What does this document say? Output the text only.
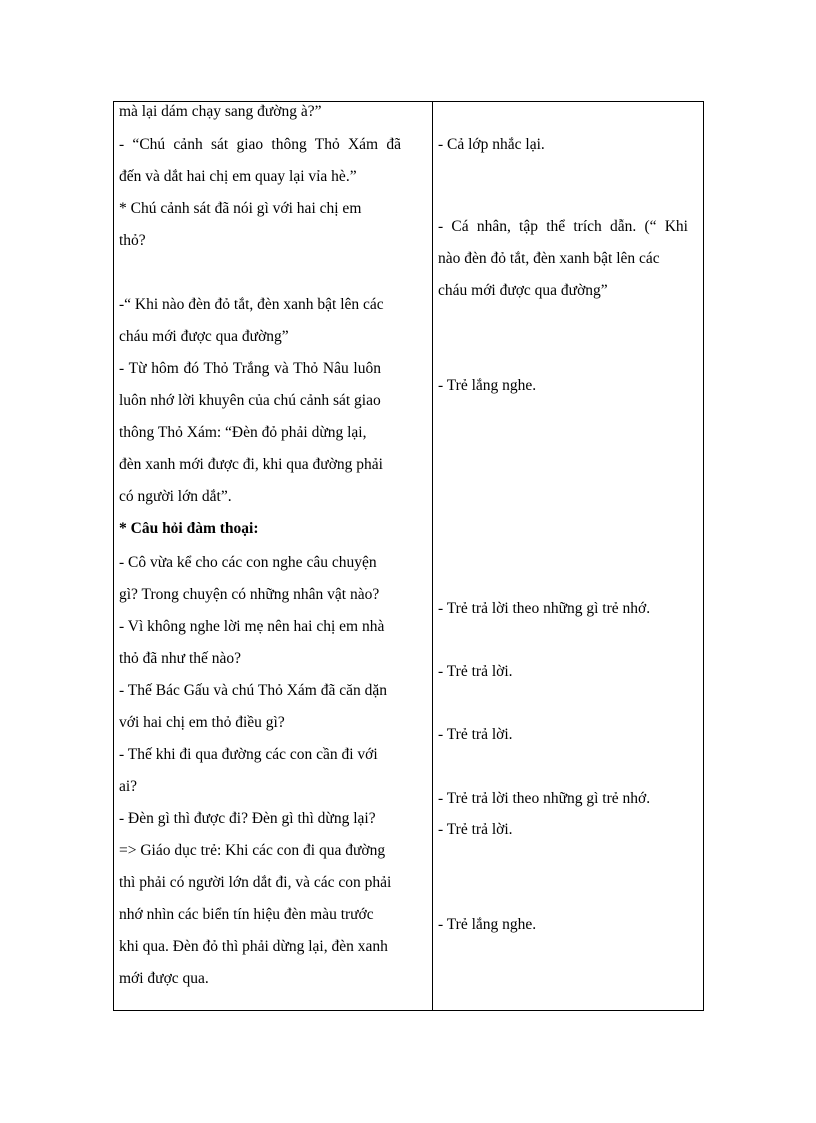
mà lại dám chạy sang đường à?”
- “Chú cảnh sát giao thông Thỏ Xám đã
đến và dắt hai chị em quay lại vỉa hè.”
* Chú cảnh sát đã nói gì với hai chị em
thỏ?
-“ Khi nào đèn đỏ tắt, đèn xanh bật lên các
cháu mới được qua đường”
- Từ hôm đó Thỏ Trắng và Thỏ Nâu luôn
luôn nhớ lời khuyên của chú cảnh sát giao
thông Thỏ Xám: “Đèn đỏ phải dừng lại,
đèn xanh mới được đi, khi qua đường phải
có người lớn dắt”.
* Câu hỏi đàm thoại:
- Cô vừa kể cho các con nghe câu chuyện
gì? Trong chuyện có những nhân vật nào?
- Vì không nghe lời mẹ nên hai chị em nhà
thỏ đã như thế nào?
- Thế Bác Gấu và chú Thỏ Xám đã căn dặn
với hai chị em thỏ điều gì?
- Thế khi đi qua đường các con cần đi với
ai?
- Đèn gì thì được đi? Đèn gì thì dừng lại?
=> Giáo dục trẻ: Khi các con đi qua đường
thì phải có người lớn dắt đi, và các con phải
nhớ nhìn các biển tín hiệu đèn màu trước
khi qua. Đèn đỏ thì phải dừng lại, đèn xanh
mới được qua.
- Cả lớp nhắc lại.
- Cá nhân, tập thể trích dẫn. (“ Khi
nào đèn đỏ tắt, đèn xanh bật lên các
cháu mới được qua đường”
- Trẻ lắng nghe.
- Trẻ trả lời theo những gì trẻ nhớ.
- Trẻ trả lời.
- Trẻ trả lời.
- Trẻ trả lời theo những gì trẻ nhớ.
- Trẻ trả lời.
- Trẻ lắng nghe.
